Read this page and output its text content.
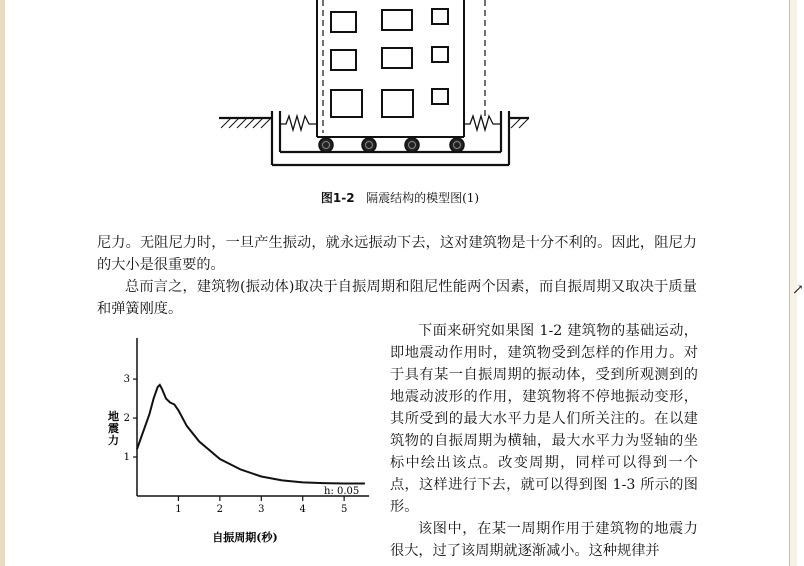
图1-2 隔震结构的模型图(1)

尼力。无阻尼力时，一旦产生振动，就永远振动下去，这对建筑物是十分不利的。因此，阻尼力的大小是很重要的。

总而言之，建筑物(振动体)取决于自振周期和阻尼性能两个因素，而自振周期又取决于质量和弹簧刚度。

下面来研究如果图 1-2 建筑物的基础运动，即地震动作用时，建筑物受到怎样的作用力。对于具有某一自振周期的振动体，受到所观测到的地震动波形的作用，建筑物将不停地振动变形，其所受到的最大水平力是人们所关注的。在以建筑物的自振周期为横轴，最大水平力为竖轴的坐标中绘出该点。改变周期，同样可以得到一个点，这样进行下去，就可以得到图 1-3 所示的图形。

该图中，在某一周期作用于建筑物的地震力很大，过了该周期就逐渐减小。这种规律并

1	2	3	4	5
1
2
3
地震力
自振周期(秒)
h: 0.05
↗
